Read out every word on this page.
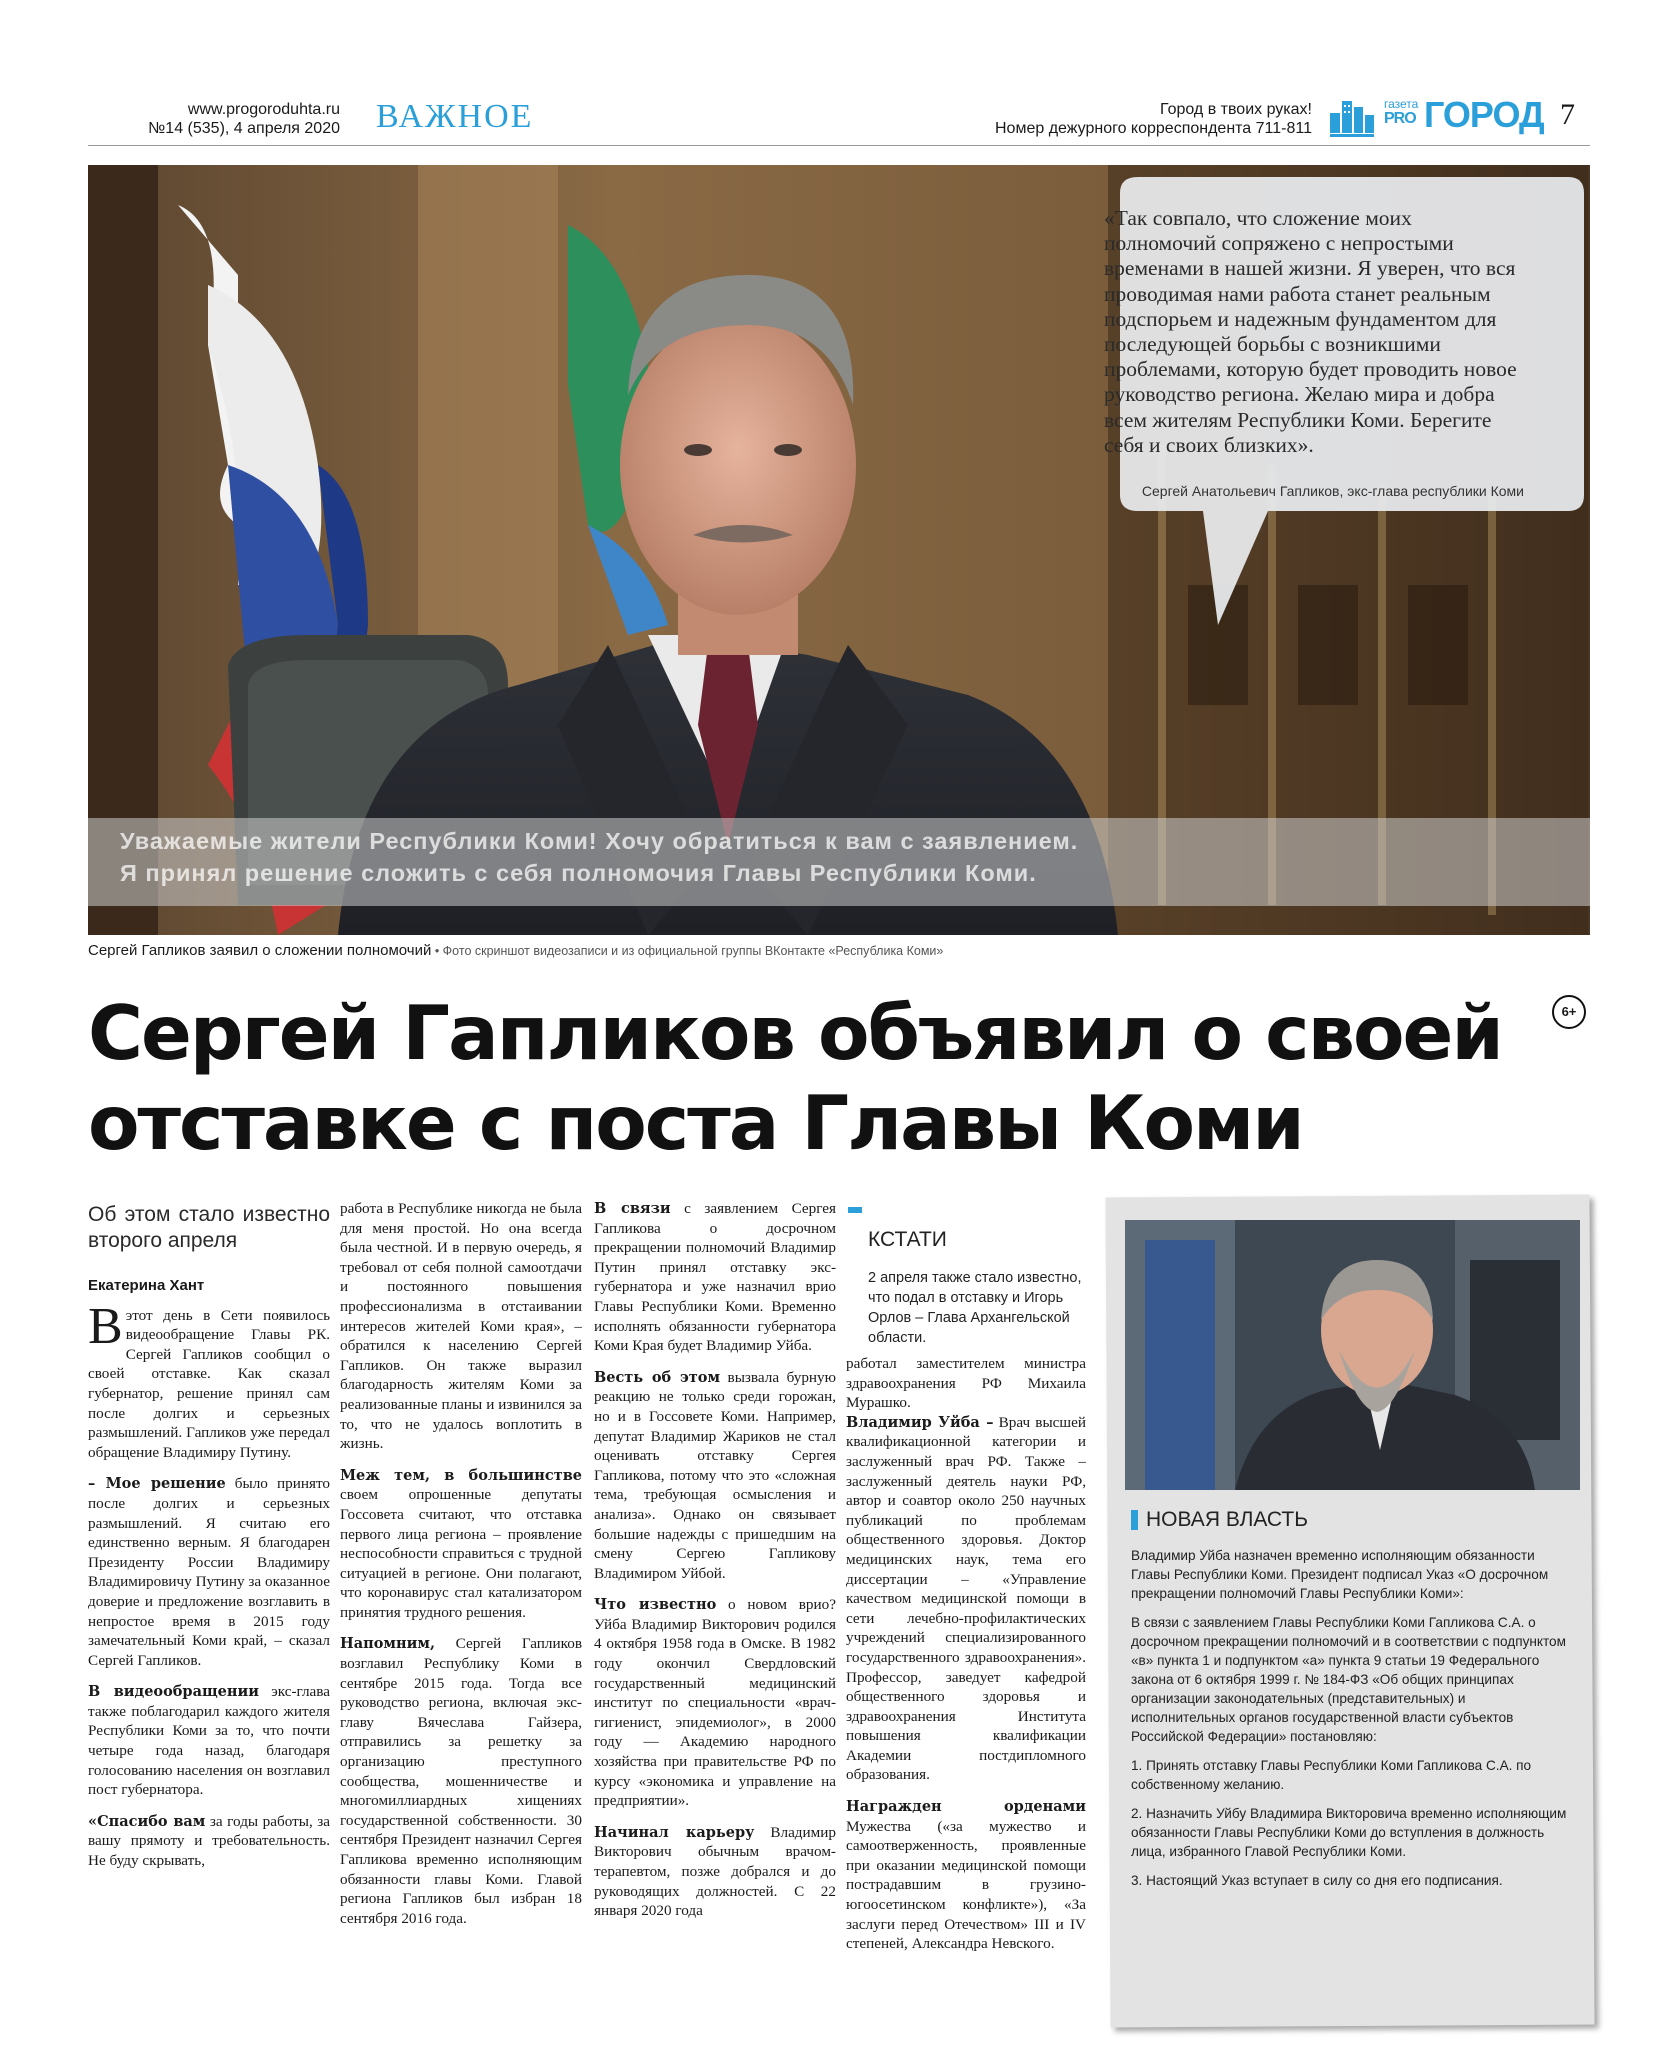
www.progoroduhta.ru
№14 (535), 4 апреля 2020 ВАЖНОЕ	Город в твоих руках!
Номер дежурного корреспондента 711-811
газета
PRO ГОРОД 7
«Так совпало, что сложение моих полномочий сопряжено с непростыми временами в нашей жизни. Я уверен, что вся проводимая нами работа станет реальным подспорьем и надежным фундаментом для последующей борьбы с возникшими проблемами, которую будет проводить новое руководство региона. Желаю мира и добра всем жителям Республики Коми. Берегите себя и своих близких».
Сергей Анатольевич Гапликов, экс-глава республики Коми
Уважаемые жители Республики Коми! Хочу обратиться к вам с заявлением.
Я принял решение сложить с себя полномочия Главы Республики Коми.
Сергей Гапликов заявил о сложении полномочий • Фото скриншот видеозаписи и из официальной группы ВКонтакте «Республика Коми»
Сергей Гапликов объявил о своей
отставке с поста Главы Коми
6+
Об этом стало известно второго апреля
Екатерина Хант

Вэтот день в Сети появилось видеообращение Главы РК. Сергей Гапликов сообщил о своей отставке. Как сказал губернатор, решение принял сам после долгих и серьезных размышлений. Гапликов уже передал обращение Владимиру Путину.

– Мое решение было принято после долгих и серьезных размышлений. Я считаю его единственно верным. Я благодарен Президенту России Владимиру Владимировичу Путину за оказанное доверие и предложение возглавить в непростое время в 2015 году замечательный Коми край, – сказал Сергей Гапликов.

В видеообращении экс-глава также поблагодарил каждого жителя Республики Коми за то, что почти четыре года назад, благодаря голосованию населения он возглавил пост губернатора.

«Спасибо вам за годы работы, за вашу прямоту и требовательность. Не буду скрывать,

работа в Республике никогда не была для меня простой. Но она всегда была честной. И в первую очередь, я требовал от себя полной самоотдачи и постоянного повышения профессионализма в отстаивании интересов жителей Коми края», – обратился к населению Сергей Гапликов. Он также выразил благодарность жителям Коми за реализованные планы и извинился за то, что не удалось воплотить в жизнь.

Меж тем, в большинстве своем опрошенные депутаты Госсовета считают, что отставка первого лица региона – проявление неспособности справиться с трудной ситуацией в регионе. Они полагают, что коронавирус стал катализатором принятия трудного решения.

Напомним, Сергей Гапликов возглавил Республику Коми в сентябре 2015 года. Тогда все руководство региона, включая экс-главу Вячеслава Гайзера, отправились за решетку за организацию преступного сообщества, мошенничестве и многомиллиардных хищениях государственной собственности. 30 сентября Президент назначил Сергея Гапликова временно исполняющим обязанности главы Коми. Главой региона Гапликов был избран 18 сентября 2016 года.

В связи с заявлением Сергея Гапликова о досрочном прекращении полномочий Владимир Путин принял отставку экс-губернатора и уже назначил врио Главы Республики Коми. Временно исполнять обязанности губернатора Коми Края будет Владимир Уйба.

Весть об этом вызвала бурную реакцию не только среди горожан, но и в Госсовете Коми. Например, депутат Владимир Жариков не стал оценивать отставку Сергея Гапликова, потому что это «сложная тема, требующая осмысления и анализа». Однако он связывает большие надежды с пришедшим на смену Сергею Гапликову Владимиром Уйбой.

Что известно о новом врио? Уйба Владимир Викторович родился 4 октября 1958 года в Омске. В 1982 году окончил Свердловский государственный медицинский институт по специальности «врач-гигиенист, эпидемиолог», в 2000 году — Академию народного хозяйства при правительстве РФ по курсу «экономика и управление на предприятии».

Начинал карьеру Владимир Викторович обычным врачом-терапевтом, позже добрался и до руководящих должностей. С 22 января 2020 года

КСТАТИ
2 апреля также стало известно, что подал в отставку и Игорь Орлов – Глава Архангельской области.

работал заместителем министра здравоохранения РФ Михаила Мурашко.

Владимир Уйба – Врач высшей квалификационной категории и заслуженный врач РФ. Также – заслуженный деятель науки РФ, автор и соавтор около 250 научных публикаций по проблемам общественного здоровья. Доктор медицинских наук, тема его диссертации – «Управление качеством медицинской помощи в сети лечебно-профилактических учреждений специализированного государственного здравоохранения». Профессор, заведует кафедрой общественного здоровья и здравоохранения Института повышения квалификации Академии постдипломного образования.

Награжден орденами Мужества («за мужество и самоотверженность, проявленные при оказании медицинской помощи пострадавшим в грузино-югоосетинском конфликте»), «За заслуги перед Отечеством» III и IV степеней, Александра Невского.

НОВАЯ ВЛАСТЬ

Владимир Уйба назначен временно исполняющим обязанности Главы Республики Коми. Президент подписал Указ «О досрочном прекращении полномочий Главы Республики Коми»:

В связи с заявлением Главы Республики Коми Гапликова С.А. о досрочном прекращении полномочий и в соответствии с подпунктом «в» пункта 1 и подпунктом «а» пункта 9 статьи 19 Федерального закона от 6 октября 1999 г. № 184-ФЗ «Об общих принципах организации законодательных (представительных) и исполнительных органов государственной власти субъектов Российской Федерации» постановляю:

1. Принять отставку Главы Республики Коми Гапликова С.А. по собственному желанию.

2. Назначить Уйбу Владимира Викторовича временно исполняющим обязанности Главы Республики Коми до вступления в должность лица, избранного Главой Республики Коми.

3. Настоящий Указ вступает в силу со дня его подписания.
